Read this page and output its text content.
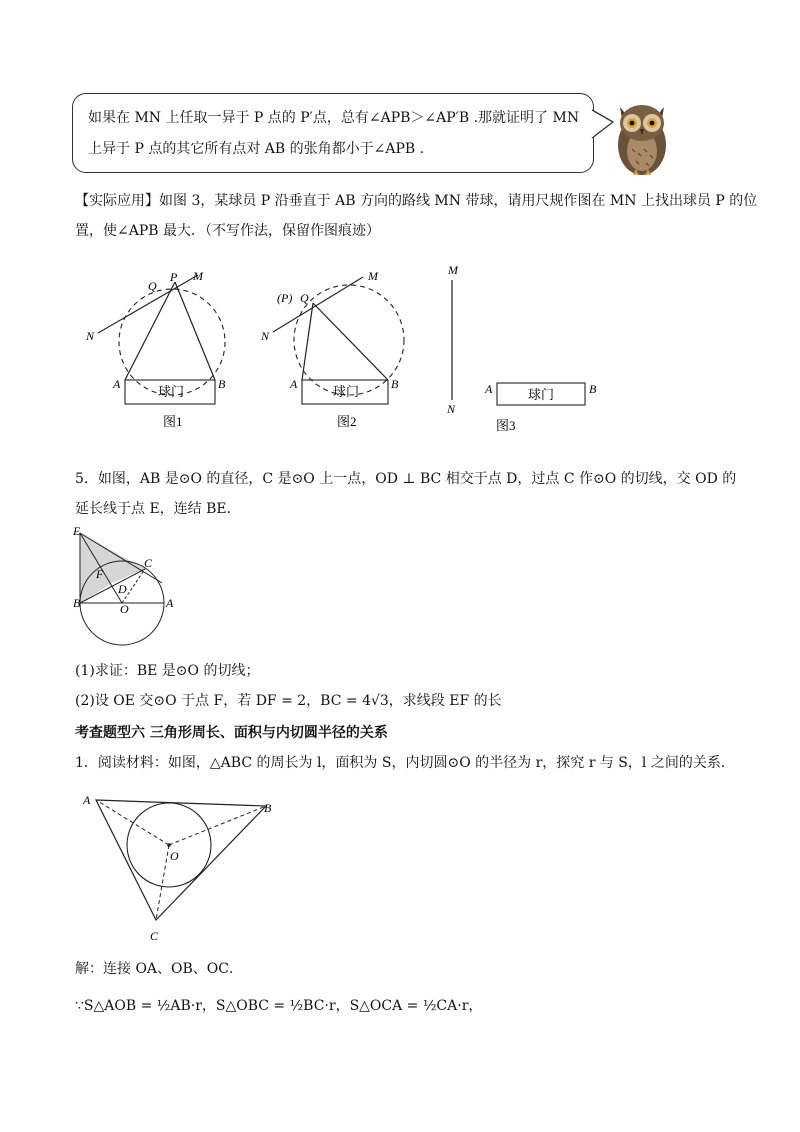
如果在 MN 上任取一异于 P 点的 P′点，总有∠APB＞∠AP′B .那就证明了 MN
上异于 P 点的其它所有点对 AB 的张角都小于∠APB .
【实际应用】如图 3，某球员 P 沿垂直于 AB 方向的路线 MN 带球，请用尺规作图在 MN 上找出球员 P 的位
置，使∠APB 最大．（不写作法，保留作图痕迹）
球门
Q
P M
N
A	B
图1
球门
(P) Q
M
N
A	B
图2
球门
M
N
A	B
图3
5．如图，AB 是⊙O 的直径，C 是⊙O 上一点，OD ⊥ BC 相交于点 D，过点 C 作⊙O 的切线，交 OD 的
延长线于点 E，连结 BE．
E
C
F
D
B	O	A
(1)求证：BE 是⊙O 的切线；
(2)设 OE 交⊙O 于点 F，若 DF = 2，BC = 4√3，求线段 EF 的长
考查题型六 三角形周长、面积与内切圆半径的关系
1．阅读材料：如图，△ABC 的周长为 l，面积为 S，内切圆⊙O 的半径为 r，探究 r 与 S，l 之间的关系．
A
B
O
C
解：连接 OA、OB、OC．
∵S△AOB = ½AB·r，S△OBC = ½BC·r，S△OCA = ½CA·r，
